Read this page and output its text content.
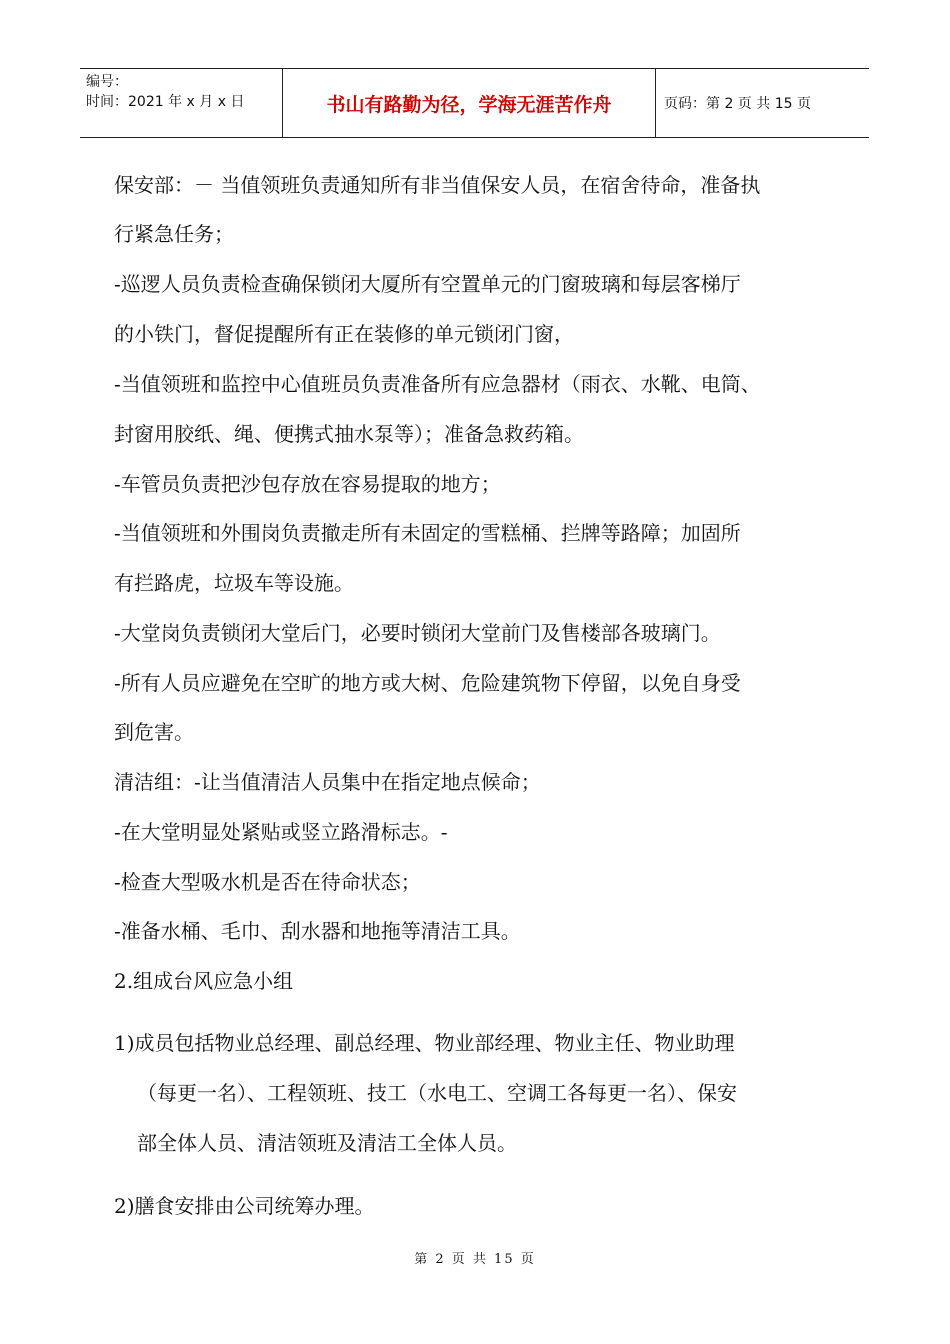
编号：
时间：2021 年 x 月 x 日	书山有路勤为径，学海无涯苦作舟	页码：第 2 页 共 15 页
保安部：－ 当值领班负责通知所有非当值保安人员，在宿舍待命，准备执
行紧急任务；
-巡逻人员负责检查确保锁闭大厦所有空置单元的门窗玻璃和每层客梯厅
的小铁门，督促提醒所有正在装修的单元锁闭门窗，
-当值领班和监控中心值班员负责准备所有应急器材（雨衣、水靴、电筒、
封窗用胶纸、绳、便携式抽水泵等）；准备急救药箱。
-车管员负责把沙包存放在容易提取的地方；
-当值领班和外围岗负责撤走所有未固定的雪糕桶、拦牌等路障；加固所
有拦路虎，垃圾车等设施。
-大堂岗负责锁闭大堂后门，必要时锁闭大堂前门及售楼部各玻璃门。
-所有人员应避免在空旷的地方或大树、危险建筑物下停留，以免自身受
到危害。
清洁组：-让当值清洁人员集中在指定地点候命；
-在大堂明显处紧贴或竖立路滑标志。-
-检查大型吸水机是否在待命状态；
-准备水桶、毛巾、刮水器和地拖等清洁工具。
2.组成台风应急小组
1)成员包括物业总经理、副总经理、物业部经理、物业主任、物业助理
（每更一名）、工程领班、技工（水电工、空调工各每更一名）、保安
部全体人员、清洁领班及清洁工全体人员。
2)膳食安排由公司统筹办理。
第 2 页 共 15 页
